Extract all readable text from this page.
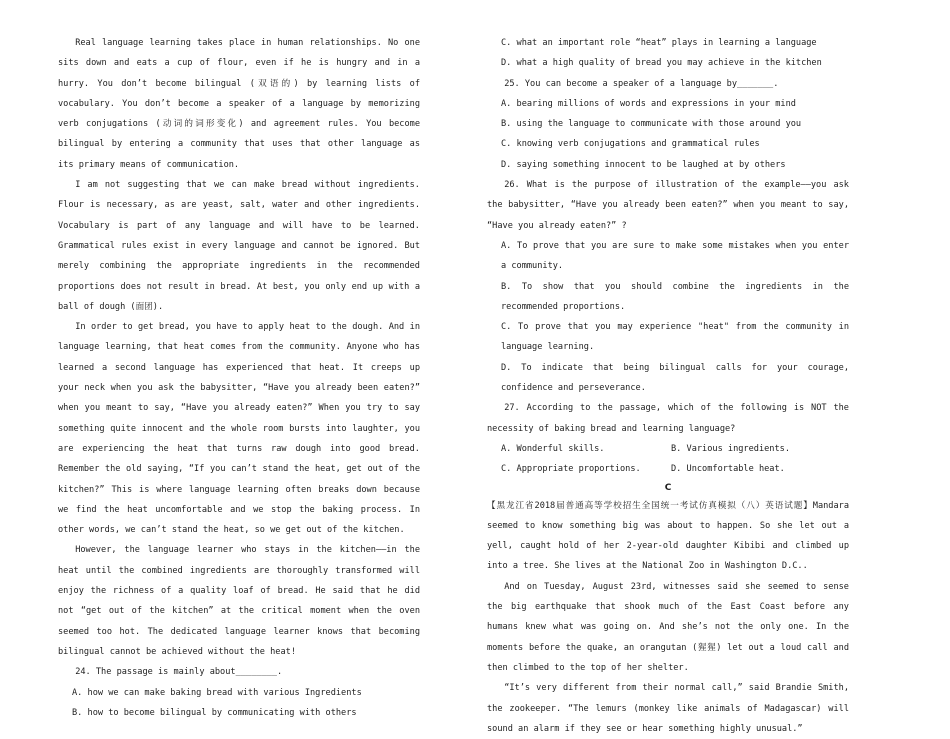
Real language learning takes place in human relationships. No one sits down and eats a cup of flour, even if he is hungry and in a hurry. You don’t become bilingual (双语的) by learning lists of vocabulary. You don’t become a speaker of a language by memorizing verb conjugations (动词的词形变化) and agreement rules. You become bilingual by entering a community that uses that other language as its primary means of communication.

I am not suggesting that we can make bread without ingredients. Flour is necessary, as are yeast, salt, water and other ingredients. Vocabulary is part of any language and will have to be learned. Grammatical rules exist in every language and cannot be ignored. But merely combining the appropriate ingredients in the recommended proportions does not result in bread. At best, you only end up with a ball of dough (面团).

In order to get bread, you have to apply heat to the dough. And in language learning, that heat comes from the community. Anyone who has learned a second language has experienced that heat. It creeps up your neck when you ask the babysitter, “Have you already been eaten?” when you meant to say, “Have you already eaten?” When you try to say something quite innocent and the whole room bursts into laughter, you are experiencing the heat that turns raw dough into good bread. Remember the old saying, “If you can’t stand the heat, get out of the kitchen?” This is where language learning often breaks down because we find the heat uncomfortable and we stop the baking process. In other words, we can’t stand the heat, so we get out of the kitchen.

However, the language learner who stays in the kitchen——in the heat until the combined ingredients are thoroughly transformed will enjoy the richness of a quality loaf of bread. He said that he did not “get out of the kitchen” at the critical moment when the oven seemed too hot. The dedicated language learner knows that becoming bilingual cannot be achieved without the heat!

24. The passage is mainly about________.

A. how we can make baking bread with various Ingredients

B. how to become bilingual by communicating with others

C. what an important role “heat” plays in learning a language

D. what a high quality of bread you may achieve in the kitchen

25. You can become a speaker of a language by_______.

A. bearing millions of words and expressions in your mind

B. using the language to communicate with those around you

C. knowing verb conjugations and grammatical rules

D. saying something innocent to be laughed at by others

26. What is the purpose of illustration of the example——you ask the babysitter, “Have you already been eaten?” when you meant to say, “Have you already eaten?” ?

A. To prove that you are sure to make some mistakes when you enter a community.

B. To show that you should combine the ingredients in the recommended proportions.

C. To prove that you may experience "heat" from the community in language learning.

D. To indicate that being bilingual calls for your courage, confidence and perseverance.

27. According to the passage, which of the following is NOT the necessity of baking bread and learning language?

A. Wonderful skills.	B. Various ingredients.
C. Appropriate proportions.	D. Uncomfortable heat.

C

【黑龙江省2018届普通高等学校招生全国统一考试仿真模拟（八）英语试题】Mandara seemed to know something big was about to happen. So she let out a yell, caught hold of her 2-year-old daughter Kibibi and climbed up into a tree. She lives at the National Zoo in Washington D.C..

And on Tuesday, August 23rd, witnesses said she seemed to sense the big earthquake that shook much of the East Coast before any humans knew what was going on. And she’s not the only one. In the moments before the quake, an orangutan (猩猩) let out a loud call and then climbed to the top of her shelter.

“It’s very different from their normal call,” said Brandie Smith, the zookeeper. “The lemurs (monkey like animals of Madagascar) will sound an alarm if they see or hear something highly unusual.”
